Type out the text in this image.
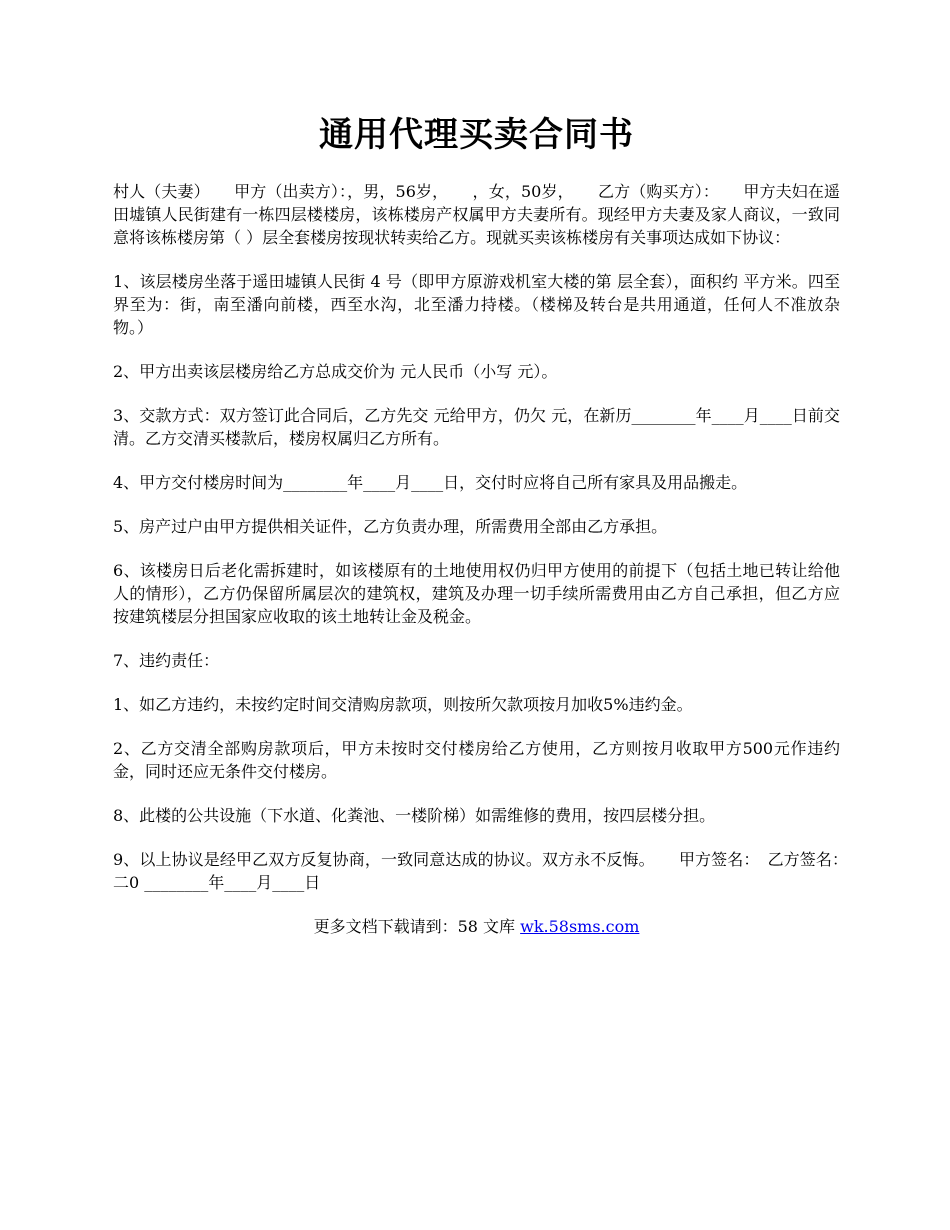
通用代理买卖合同书

村人（夫妻）　　甲方（出卖方）：，男，56岁，　　，女，50岁，　　乙方（购买方）：　　甲方夫妇在遥田墟镇人民街建有一栋四层楼楼房，该栋楼房产权属甲方夫妻所有。现经甲方夫妻及家人商议，一致同意将该栋楼房第（ ）层全套楼房按现状转卖给乙方。现就买卖该栋楼房有关事项达成如下协议：

1、该层楼房坐落于遥田墟镇人民街 4 号（即甲方原游戏机室大楼的第 层全套），面积约 平方米。四至界至为：街，南至潘向前楼，西至水沟，北至潘力持楼。（楼梯及转台是共用通道，任何人不准放杂物。）

2、甲方出卖该层楼房给乙方总成交价为 元人民币（小写 元）。

3、交款方式：双方签订此合同后，乙方先交 元给甲方，仍欠 元，在新历________年____月____日前交清。乙方交清买楼款后，楼房权属归乙方所有。

4、甲方交付楼房时间为________年____月____日，交付时应将自己所有家具及用品搬走。

5、房产过户由甲方提供相关证件，乙方负责办理，所需费用全部由乙方承担。

6、该楼房日后老化需拆建时，如该楼原有的土地使用权仍归甲方使用的前提下（包括土地已转让给他人的情形），乙方仍保留所属层次的建筑权，建筑及办理一切手续所需费用由乙方自己承担，但乙方应按建筑楼层分担国家应收取的该土地转让金及税金。

7、违约责任：

1、如乙方违约，未按约定时间交清购房款项，则按所欠款项按月加收5%违约金。

2、乙方交清全部购房款项后，甲方未按时交付楼房给乙方使用，乙方则按月收取甲方500元作违约金，同时还应无条件交付楼房。

8、此楼的公共设施（下水道、化粪池、一楼阶梯）如需维修的费用，按四层楼分担。

9、以上协议是经甲乙双方反复协商，一致同意达成的协议。双方永不反悔。　　甲方签名：　乙方签名：　　二0 ________年____月____日

更多文档下载请到：58 文库 wk.58sms.com
